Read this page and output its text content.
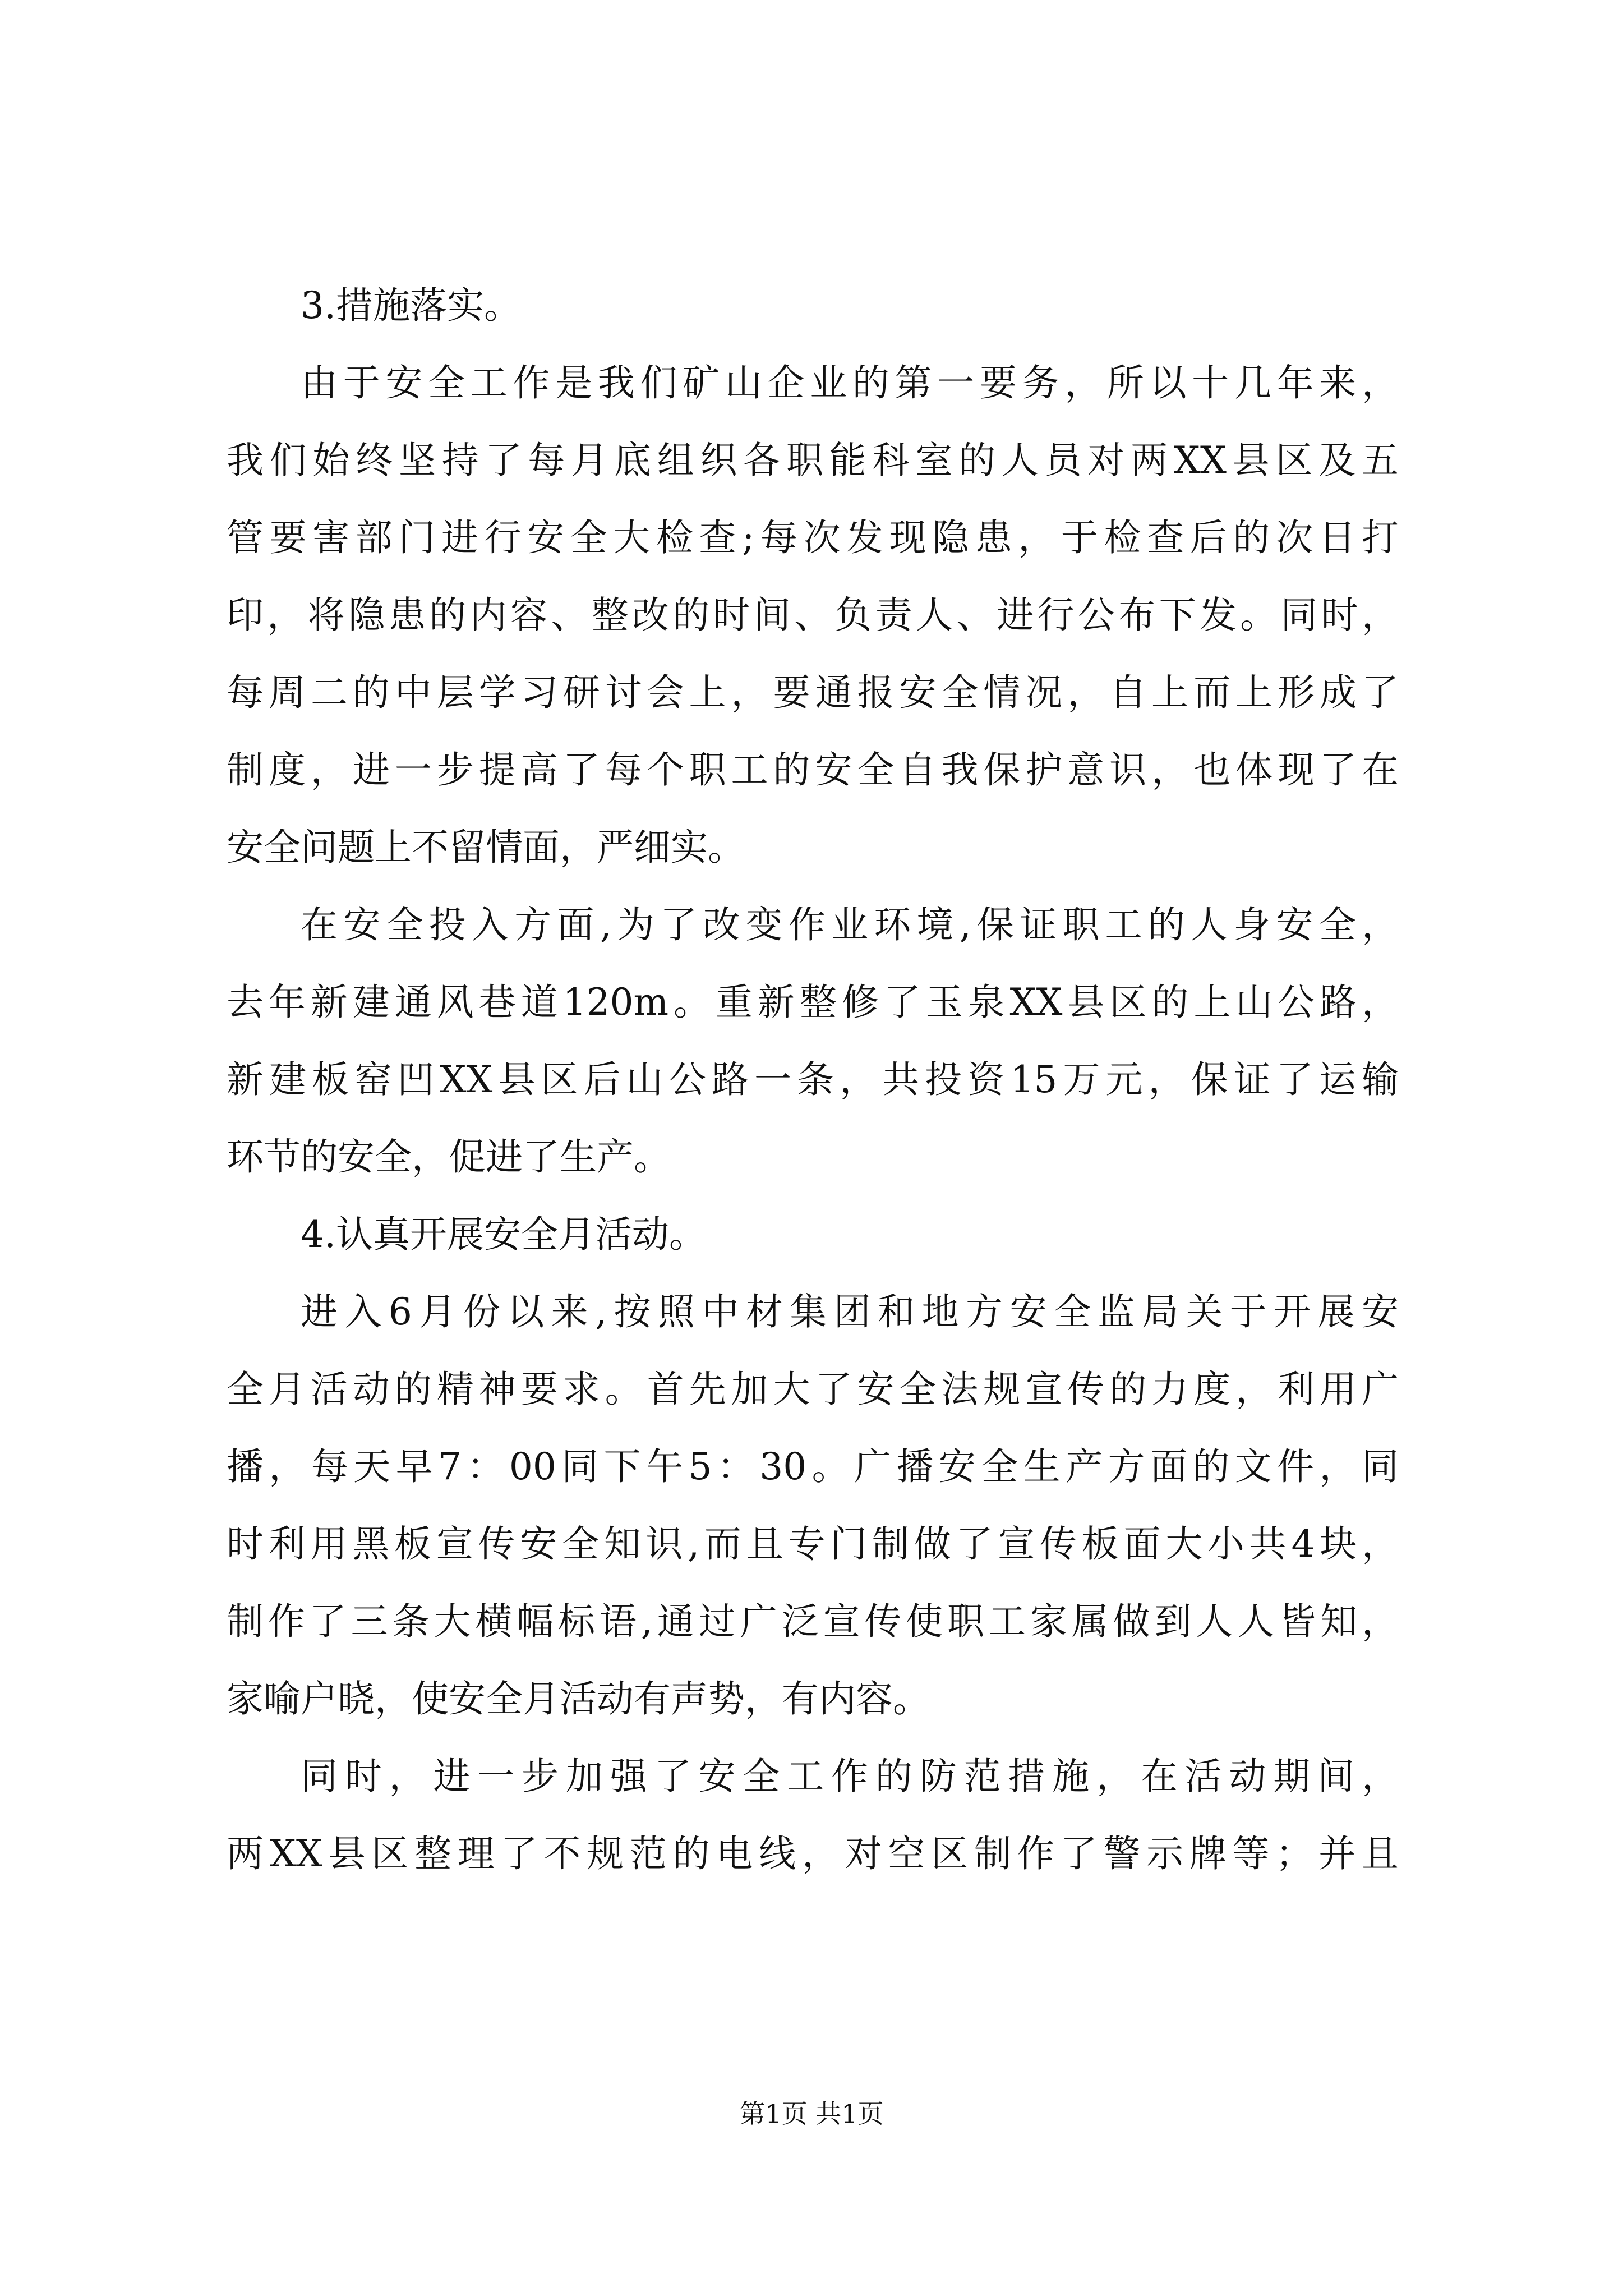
3.措施落实。
由于安全工作是我们矿山企业的第一要务，所以十几年来，
我们始终坚持了每月底组织各职能科室的人员对两XX县区及五
管要害部门进行安全大检查;每次发现隐患，于检查后的次日打
印，将隐患的内容、整改的时间、负责人、进行公布下发。同时，
每周二的中层学习研讨会上，要通报安全情况，自上而上形成了
制度，进一步提高了每个职工的安全自我保护意识，也体现了在
安全问题上不留情面，严细实。
在安全投入方面,为了改变作业环境,保证职工的人身安全，
去年新建通风巷道120m。重新整修了玉泉XX县区的上山公路，
新建板窑凹XX县区后山公路一条，共投资15万元，保证了运输
环节的安全，促进了生产。
4.认真开展安全月活动。
进入6月份以来,按照中材集团和地方安全监局关于开展安
全月活动的精神要求。首先加大了安全法规宣传的力度，利用广
播，每天早7：00同下午5：30。广播安全生产方面的文件，同
时利用黑板宣传安全知识,而且专门制做了宣传板面大小共4块，
制作了三条大横幅标语,通过广泛宣传使职工家属做到人人皆知，
家喻户晓，使安全月活动有声势，有内容。
同时，进一步加强了安全工作的防范措施，在活动期间，
两XX县区整理了不规范的电线，对空区制作了警示牌等；并且
第1页 共1页
